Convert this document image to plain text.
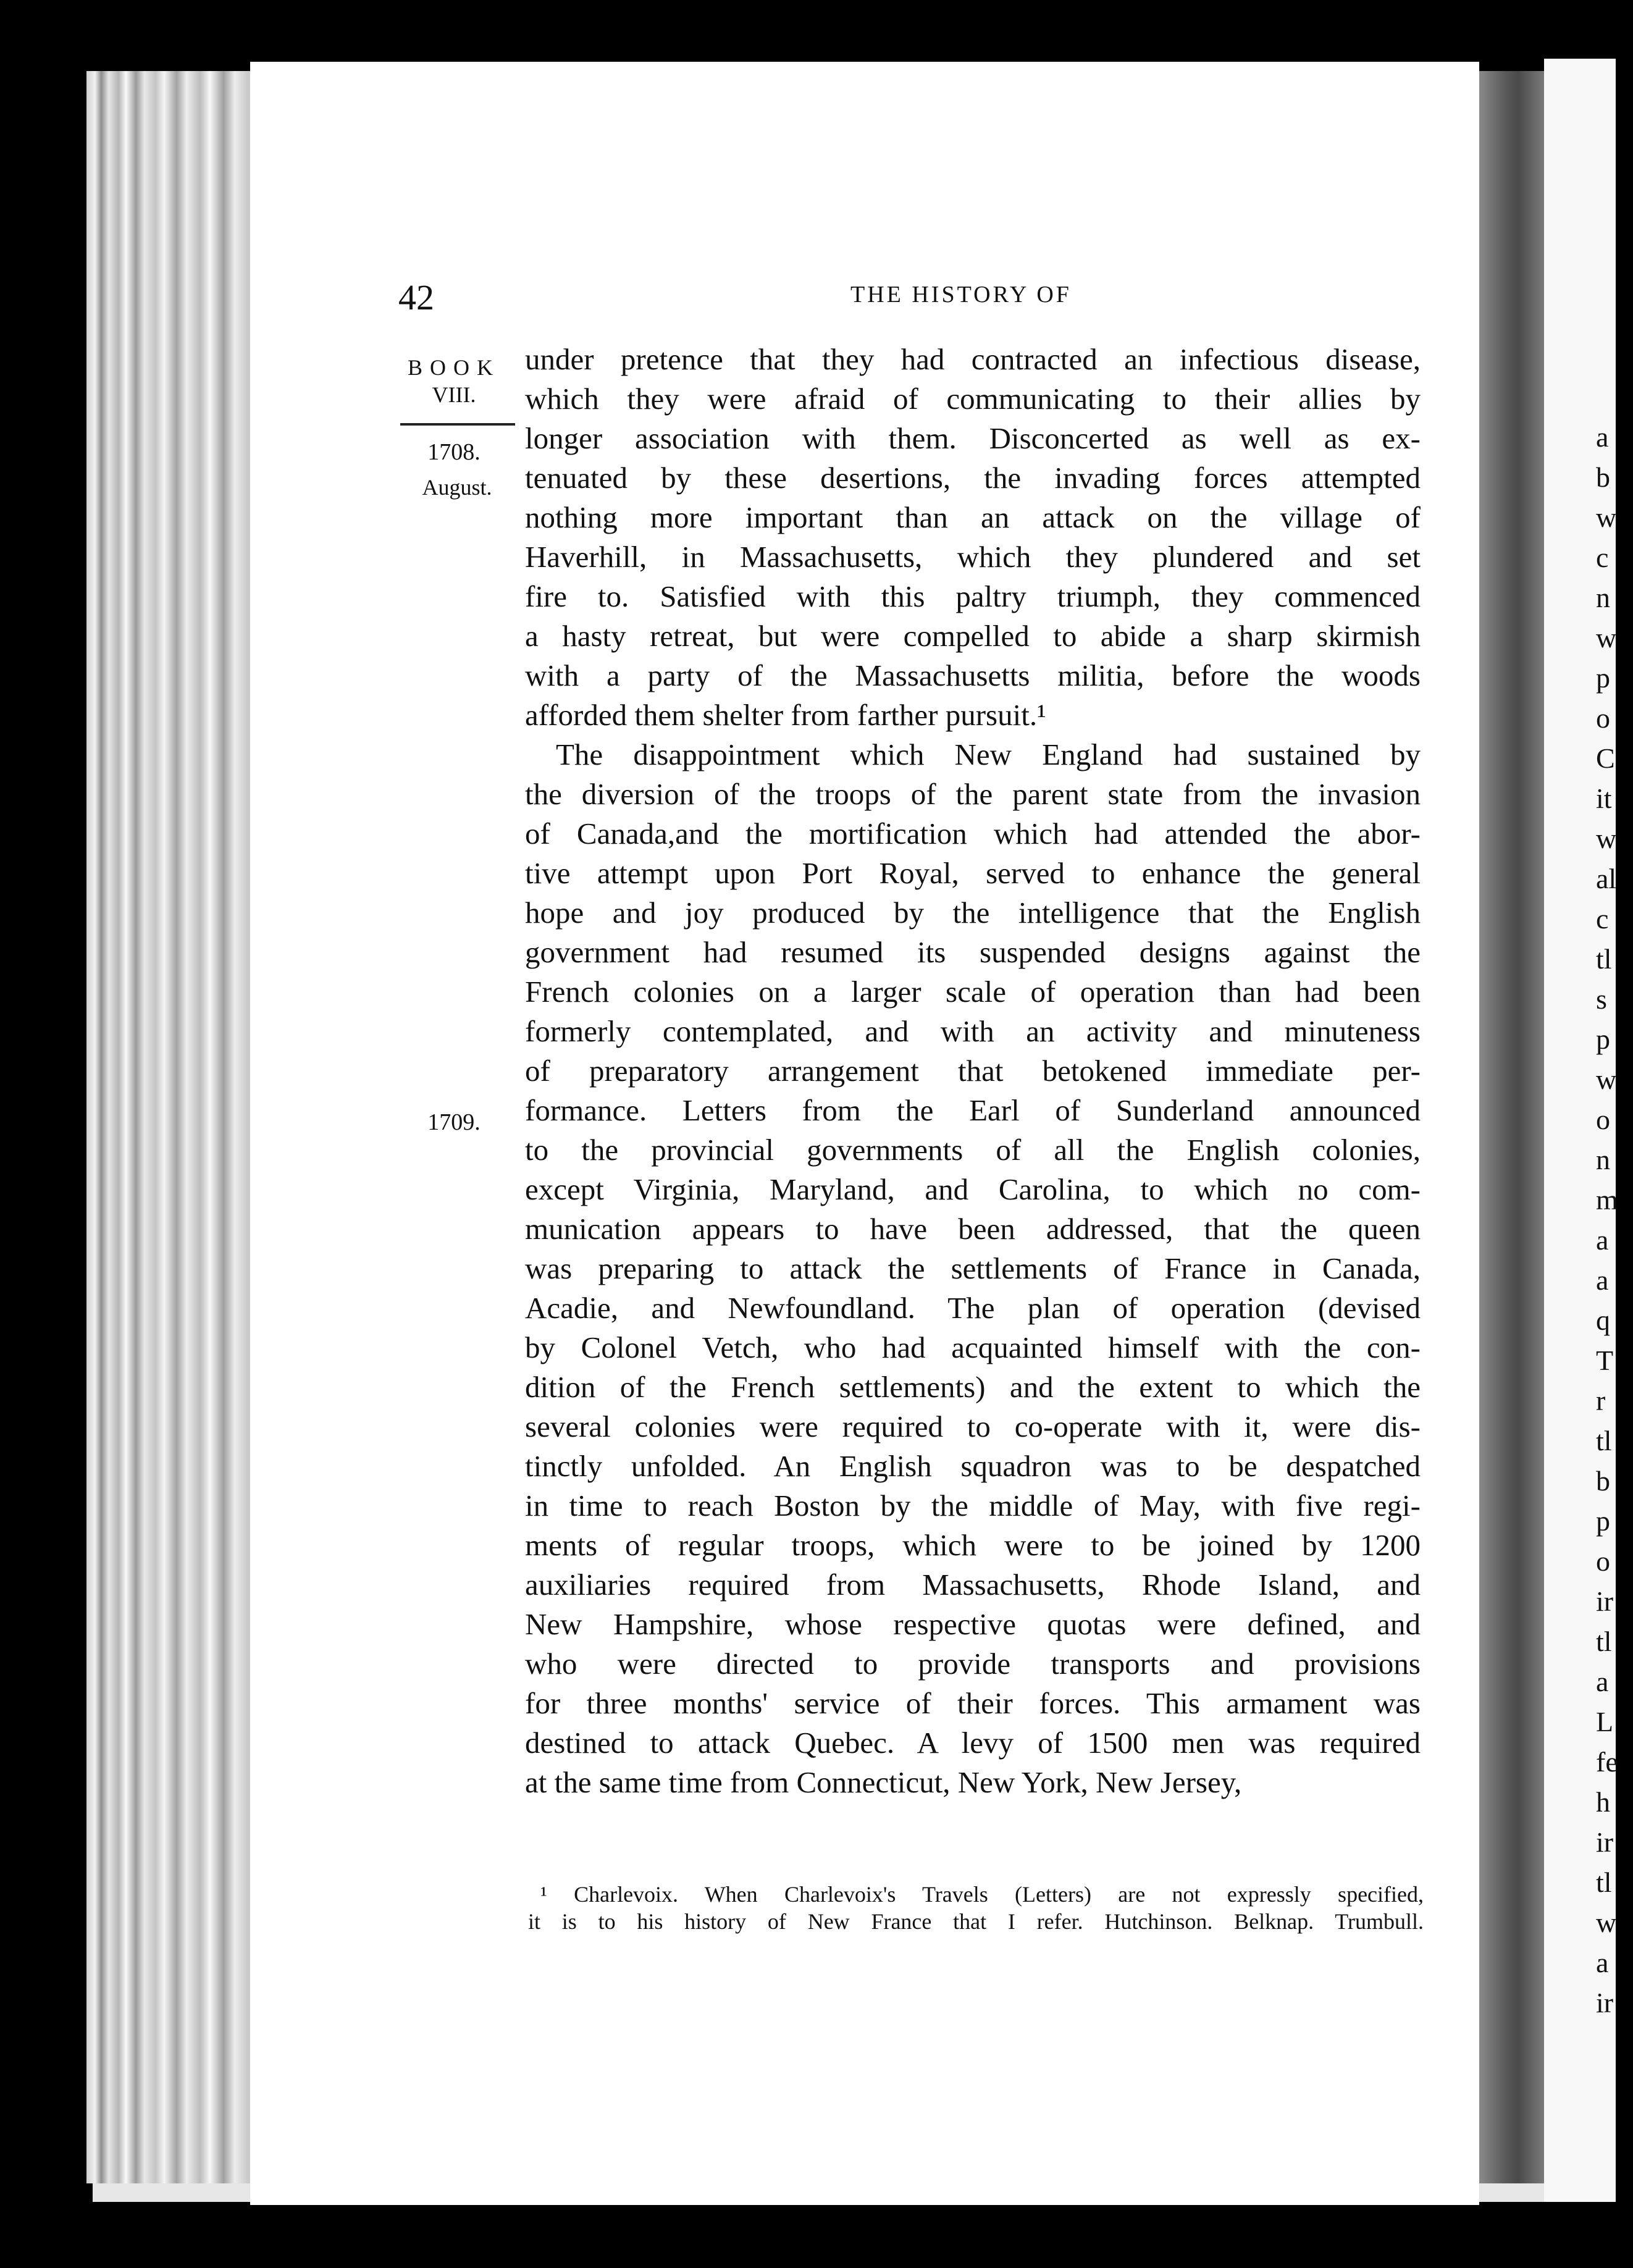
a
b
w
c
n
w
p
o
C
it
w
al
c
tl
s
p
w
o
n
m
a
a
q
T
r
tl
b
p
o
ir
tl
a
L
fe
h
ir
tl
w
a
ir
42	THE HISTORY OF
BOOK
VIII.
1708.
August.
1709.
under pretence that they had contracted an infectious disease,
which they were afraid of communicating to their allies by
longer association with them. Disconcerted as well as ex-
tenuated by these desertions, the invading forces attempted
nothing more important than an attack on the village of
Haverhill, in Massachusetts, which they plundered and set
fire to. Satisfied with this paltry triumph, they commenced
a hasty retreat, but were compelled to abide a sharp skirmish
with a party of the Massachusetts militia, before the woods
afforded them shelter from farther pursuit.¹
The disappointment which New England had sustained by
the diversion of the troops of the parent state from the invasion
of Canada,and the mortification which had attended the abor-
tive attempt upon Port Royal, served to enhance the general
hope and joy produced by the intelligence that the English
government had resumed its suspended designs against the
French colonies on a larger scale of operation than had been
formerly contemplated, and with an activity and minuteness
of preparatory arrangement that betokened immediate per-
formance. Letters from the Earl of Sunderland announced
to the provincial governments of all the English colonies,
except Virginia, Maryland, and Carolina, to which no com-
munication appears to have been addressed, that the queen
was preparing to attack the settlements of France in Canada,
Acadie, and Newfoundland. The plan of operation (devised
by Colonel Vetch, who had acquainted himself with the con-
dition of the French settlements) and the extent to which the
several colonies were required to co-operate with it, were dis-
tinctly unfolded. An English squadron was to be despatched
in time to reach Boston by the middle of May, with five regi-
ments of regular troops, which were to be joined by 1200
auxiliaries required from Massachusetts, Rhode Island, and
New Hampshire, whose respective quotas were defined, and
who were directed to provide transports and provisions
for three months' service of their forces. This armament was
destined to attack Quebec. A levy of 1500 men was required
at the same time from Connecticut, New York, New Jersey,
¹ Charlevoix. When Charlevoix's Travels (Letters) are not expressly specified,
it is to his history of New France that I refer. Hutchinson. Belknap. Trumbull.
